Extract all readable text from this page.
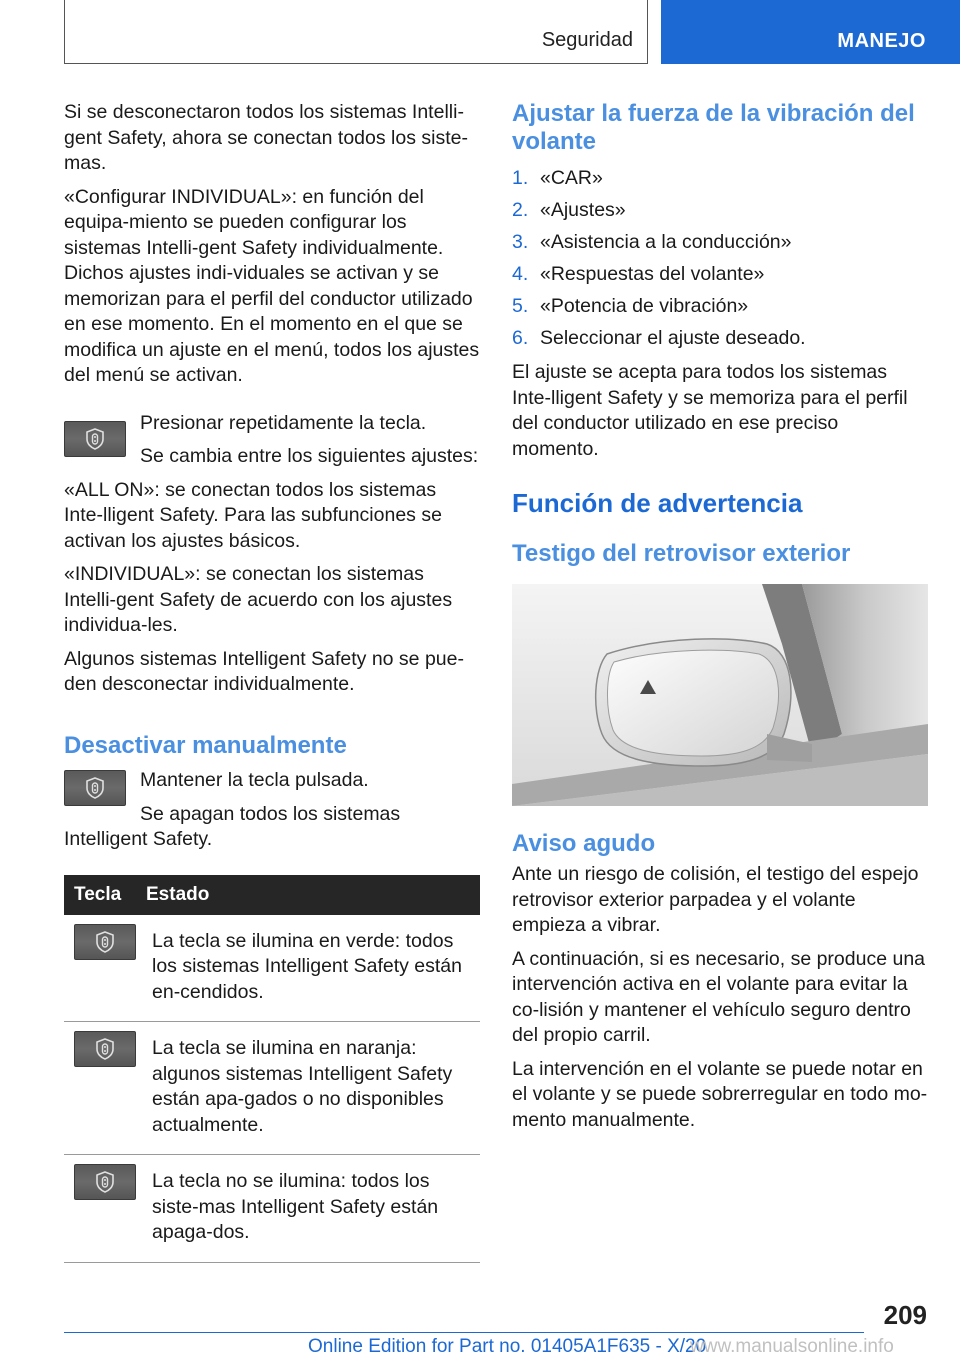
Seguridad	MANEJO

Si se desconectaron todos los sistemas Intelli-gent Safety, ahora se conectan todos los siste-mas.

«Configurar INDIVIDUAL»: en función del equipa-miento se pueden configurar los sistemas Intelli-gent Safety individualmente. Dichos ajustes indi-viduales se activan y se memorizan para el perfil del conductor utilizado en ese momento. En el momento en el que se modifica un ajuste en el menú, todos los ajustes del menú se activan.

Presionar repetidamente la tecla.

Se cambia entre los siguientes ajustes:

«ALL ON»: se conectan todos los sistemas Inte-lligent Safety. Para las subfunciones se activan los ajustes básicos.

«INDIVIDUAL»: se conectan los sistemas Intelli-gent Safety de acuerdo con los ajustes individua-les.

Algunos sistemas Intelligent Safety no se pue-den desconectar individualmente.

Desactivar manualmente

Mantener la tecla pulsada.

Se apagan todos los sistemas Intelligent Safety.

Tecla	Estado

	La tecla se ilumina en verde: todos los sistemas Intelligent Safety están en-cendidos.

	La tecla se ilumina en naranja: algunos sistemas Intelligent Safety están apa-gados o no disponibles actualmente.

	La tecla no se ilumina: todos los siste-mas Intelligent Safety están apaga-dos.
Ajustar la fuerza de la vibración del volante
1. «CAR»
2. «Ajustes»
3. «Asistencia a la conducción»
4. «Respuestas del volante»
5. «Potencia de vibración»
6. Seleccionar el ajuste deseado.

El ajuste se acepta para todos los sistemas Inte-lligent Safety y se memoriza para el perfil del conductor utilizado en ese preciso momento.

Función de advertencia
Testigo del retrovisor exterior
Aviso agudo

Ante un riesgo de colisión, el testigo del espejo retrovisor exterior parpadea y el volante empieza a vibrar.

A continuación, si es necesario, se produce una intervención activa en el volante para evitar la co-lisión y mantener el vehículo seguro dentro del propio carril.

La intervención en el volante se puede notar en el volante y se puede sobrerregular en todo mo-mento manualmente.

209
Online Edition for Part no. 01405A1F635 - X/20
www.manualsonline.info
